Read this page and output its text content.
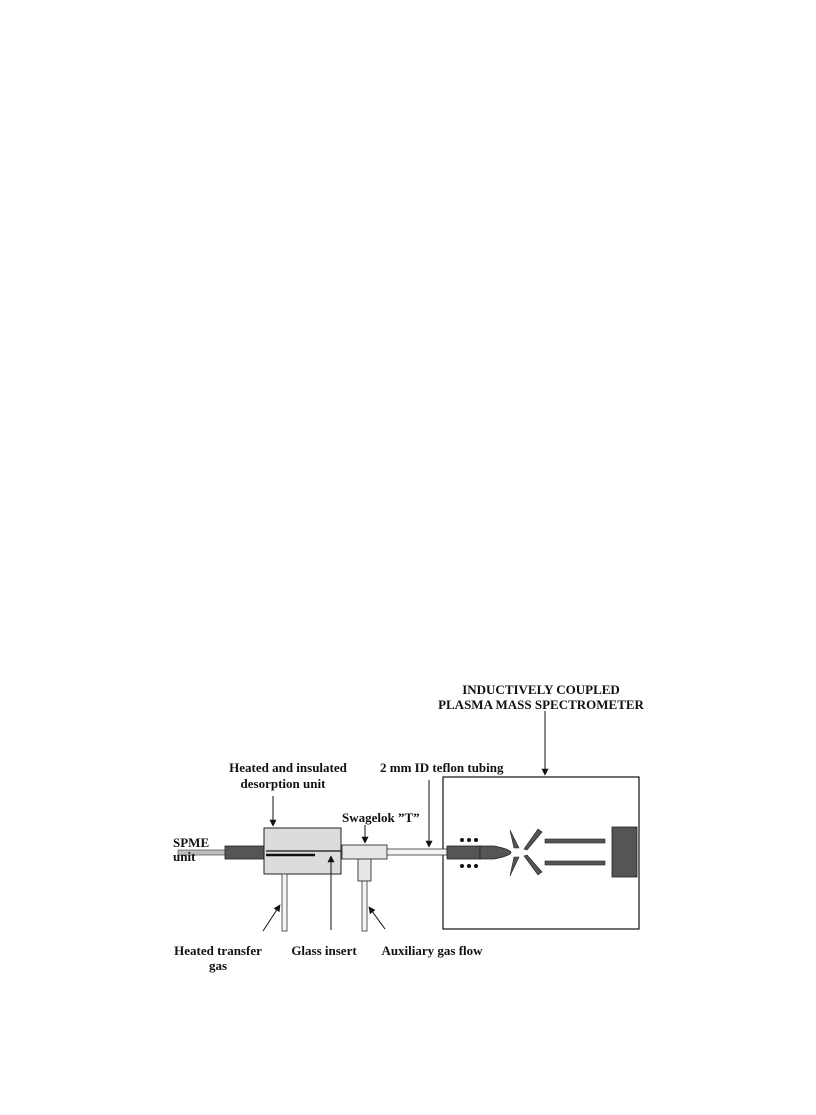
INDUCTIVELY COUPLED
PLASMA MASS SPECTROMETER
Heated and insulated
desorption unit
2 mm ID teflon tubing
Swagelok ”T”
SPME
unit
Heated transfer
gas
Glass insert Auxiliary gas flow
